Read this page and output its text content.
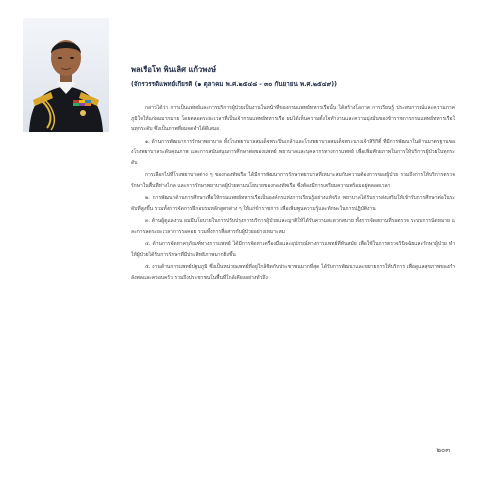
พลเรือโท พินเลิศ แก้วพงษ์

(จักรวรรดิแพทย์เกียรติ (๑ ตุลาคม พ.ศ.๒๕๔๘ - ๓๐ กันยายน พ.ศ.๒๕๔๙))

กล่าวได้ว่า การเป็นแพทย์และการบริการผู้ป่วยเป็นงานในหน้าที่ของกรมแพทย์ทหารเรือนั้น ได้สร้างโอกาส การเรียนรู้ ประสบการณ์และความภาคภูมิใจให้แก่ผมมากมาย โดยตลอดระยะเวลาที่เป็นเจ้ากรมแพทย์ทหารเรือ ผมได้เห็นความตั้งใจทำงานและความมุ่งมั่นของข้าราชการกรมแพทย์ทหารเรือในทุกระดับ ซึ่งเป็นภาพที่ผมจดจำได้ดีเสมอ

๑. ด้านการพัฒนาการรักษาพยาบาล ทั้งโรงพยาบาลสมเด็จพระปิ่นเกล้าและโรงพยาบาลสมเด็จพระนางเจ้าสิริกิติ์ ที่มีการพัฒนาในด้านมาตรฐานของโรงพยาบาลระดับคุณภาพ และการสนับสนุนการศึกษาต่อของแพทย์ พยาบาลและบุคลากรทางการแพทย์ เพื่อเพิ่มศักยภาพในการให้บริการผู้ป่วยในทุกระดับ

การเลือกไปที่โรงพยาบาลต่าง ๆ ของกองทัพเรือ ได้มีการพัฒนาการรักษาพยาบาลที่เหมาะสมกับความต้องการของผู้ป่วย รวมถึงการให้บริการตรวจรักษาในพื้นที่ห่างไกล และการรักษาพยาบาลผู้ป่วยตามนโยบายของกองทัพเรือ ซึ่งต้องมีการเตรียมความพร้อมอยู่ตลอดเวลา

๒. การพัฒนาด้านการศึกษาเพื่อให้กรมแพทย์ทหารเรือเป็นองค์กรแห่งการเรียนรู้อย่างแท้จริง พยาบาลได้รับการส่งเสริมให้เข้ารับการศึกษาต่อในระดับที่สูงขึ้น รวมทั้งการจัดการฝึกอบรมหลักสูตรต่าง ๆ ให้แก่ข้าราชการ เพื่อเพิ่มพูนความรู้และทักษะในการปฏิบัติงาน

๓. ด้านผู้ดูแลงาน ผมมีนโยบายในการปรับปรุงการบริการผู้ป่วยและญาติให้ได้รับความสะดวกสบาย ทั้งการจัดสถานที่รอตรวจ ระบบการนัดหมาย และการลดระยะเวลาการรอคอย รวมทั้งการสื่อสารกับผู้ป่วยอย่างเหมาะสม

๔. ด้านการจัดหาครุภัณฑ์ทางการแพทย์ ได้มีการจัดหาเครื่องมือและอุปกรณ์ทางการแพทย์ที่ทันสมัย เพื่อใช้ในการตรวจวินิจฉัยและรักษาผู้ป่วย ทำให้ผู้ป่วยได้รับการรักษาที่มีประสิทธิภาพมากยิ่งขึ้น

๕. งานด้านการแพทย์ปฐมภูมิ ซึ่งเป็นหน่วยแพทย์ที่อยู่ใกล้ชิดกับประชาชนมากที่สุด ได้รับการพัฒนาและขยายการให้บริการ เพื่อดูแลสุขภาพของกำลังพลและครอบครัว รวมถึงประชาชนในพื้นที่ใกล้เคียงอย่างทั่วถึง

๒๐๓
